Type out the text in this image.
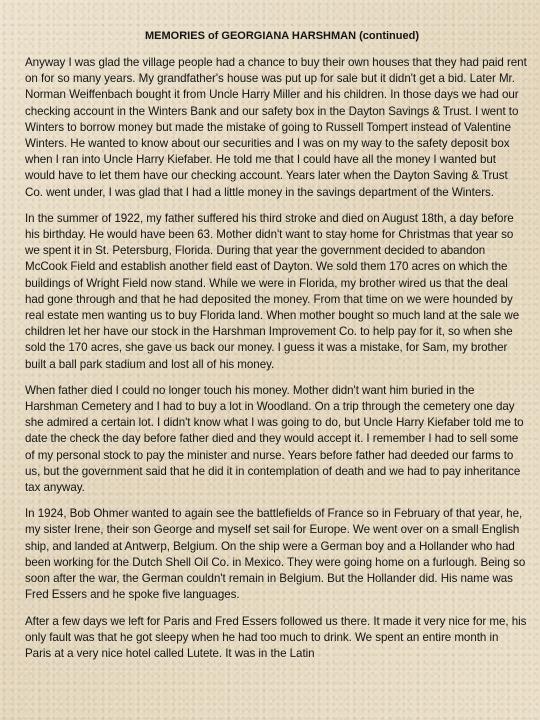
MEMORIES of GEORGIANA HARSHMAN (continued)

Anyway I was glad the village people had a chance to buy their own houses that they had paid rent on for so many years. My grandfather's house was put up for sale but it didn't get a bid. Later Mr. Norman Weiffenbach bought it from Uncle Harry Miller and his children. In those days we had our checking account in the Winters Bank and our safety box in the Dayton Savings & Trust. I went to Winters to borrow money but made the mistake of going to Russell Tompert instead of Valentine Winters. He wanted to know about our securities and I was on my way to the safety deposit box when I ran into Uncle Harry Kiefaber. He told me that I could have all the money I wanted but would have to let them have our checking account. Years later when the Dayton Saving & Trust Co. went under, I was glad that I had a little money in the savings department of the Winters.

In the summer of 1922, my father suffered his third stroke and died on August 18th, a day before his birthday. He would have been 63. Mother didn't want to stay home for Christmas that year so we spent it in St. Petersburg, Florida. During that year the government decided to abandon McCook Field and establish another field east of Dayton. We sold them 170 acres on which the buildings of Wright Field now stand. While we were in Florida, my brother wired us that the deal had gone through and that he had deposited the money. From that time on we were hounded by real estate men wanting us to buy Florida land. When mother bought so much land at the sale we children let her have our stock in the Harshman Improvement Co. to help pay for it, so when she sold the 170 acres, she gave us back our money. I guess it was a mistake, for Sam, my brother built a ball park stadium and lost all of his money.

When father died I could no longer touch his money. Mother didn't want him buried in the Harshman Cemetery and I had to buy a lot in Woodland. On a trip through the cemetery one day she admired a certain lot. I didn't know what I was going to do, but Uncle Harry Kiefaber told me to date the check the day before father died and they would accept it. I remember I had to sell some of my personal stock to pay the minister and nurse. Years before father had deeded our farms to us, but the government said that he did it in contemplation of death and we had to pay inheritance tax anyway.

In 1924, Bob Ohmer wanted to again see the battlefields of France so in February of that year, he, my sister Irene, their son George and myself set sail for Europe. We went over on a small English ship, and landed at Antwerp, Belgium. On the ship were a German boy and a Hollander who had been working for the Dutch Shell Oil Co. in Mexico. They were going home on a furlough. Being so soon after the war, the German couldn't remain in Belgium. But the Hollander did. His name was Fred Essers and he spoke five languages.

After a few days we left for Paris and Fred Essers followed us there. It made it very nice for me, his only fault was that he got sleepy when he had too much to drink. We spent an entire month in Paris at a very nice hotel called Lutete. It was in the Latin
